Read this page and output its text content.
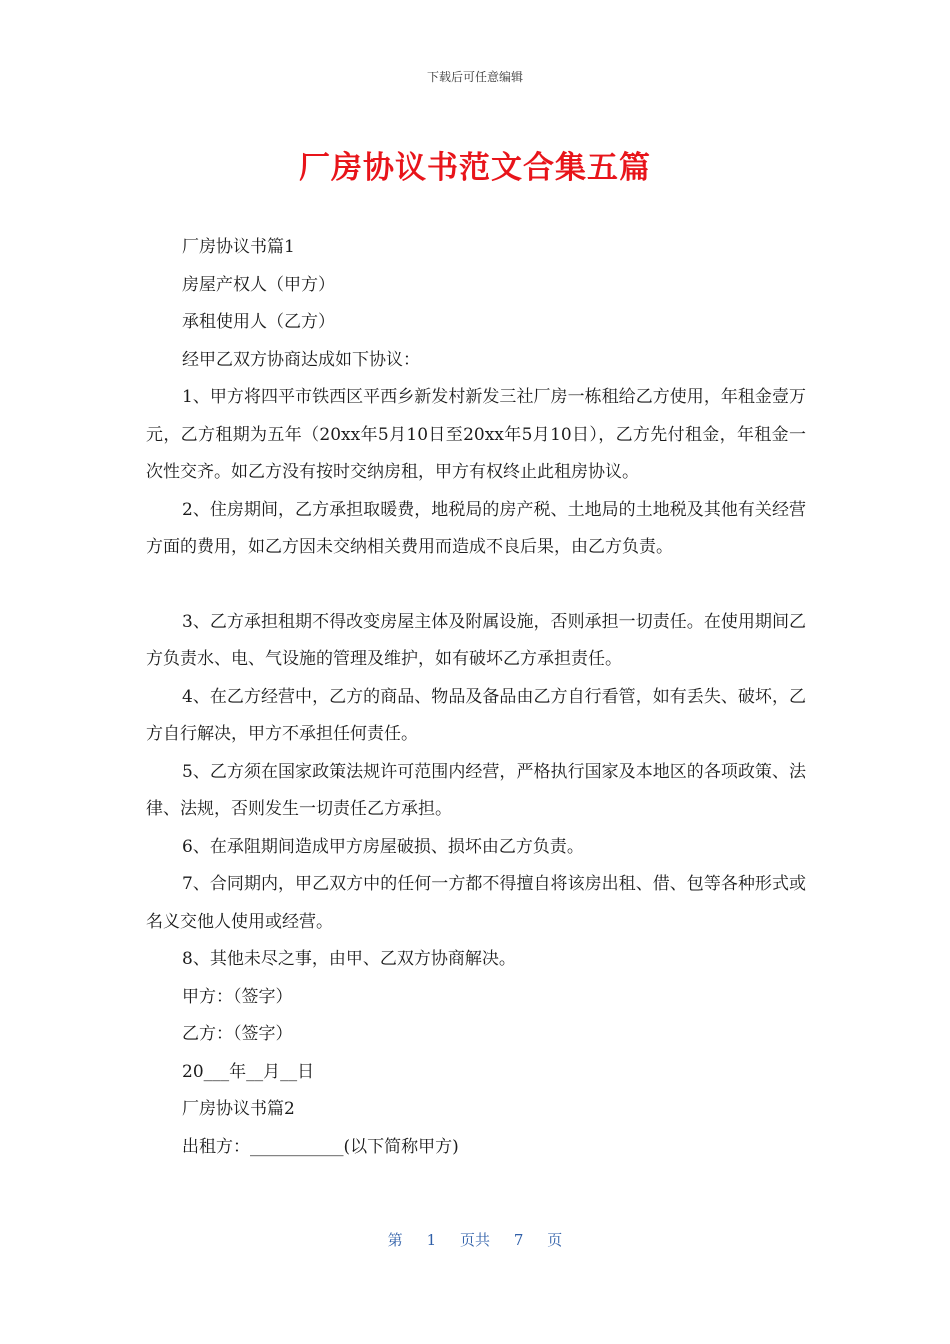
下载后可任意编辑
厂房协议书范文合集五篇

厂房协议书篇1

房屋产权人（甲方）

承租使用人（乙方）

经甲乙双方协商达成如下协议：

1、甲方将四平市铁西区平西乡新发村新发三社厂房一栋租给乙方使用，年租金壹万元，乙方租期为五年（20xx年5月10日至20xx年5月10日），乙方先付租金，年租金一次性交齐。如乙方没有按时交纳房租，甲方有权终止此租房协议。

2、住房期间，乙方承担取暖费，地税局的房产税、土地局的土地税及其他有关经营方面的费用，如乙方因未交纳相关费用而造成不良后果，由乙方负责。

3、乙方承担租期不得改变房屋主体及附属设施，否则承担一切责任。在使用期间乙方负责水、电、气设施的管理及维护，如有破坏乙方承担责任。

4、在乙方经营中，乙方的商品、物品及备品由乙方自行看管，如有丢失、破坏，乙方自行解决，甲方不承担任何责任。

5、乙方须在国家政策法规许可范围内经营，严格执行国家及本地区的各项政策、法律、法规，否则发生一切责任乙方承担。

6、在承阻期间造成甲方房屋破损、损坏由乙方负责。

7、合同期内，甲乙双方中的任何一方都不得擅自将该房出租、借、包等各种形式或名义交他人使用或经营。

8、其他未尽之事，由甲、乙双方协商解决。

甲方：（签字）

乙方：（签字）

20___年__月__日

厂房协议书篇2

出租方：___________(以下简称甲方)

第 1 页共 7 页
